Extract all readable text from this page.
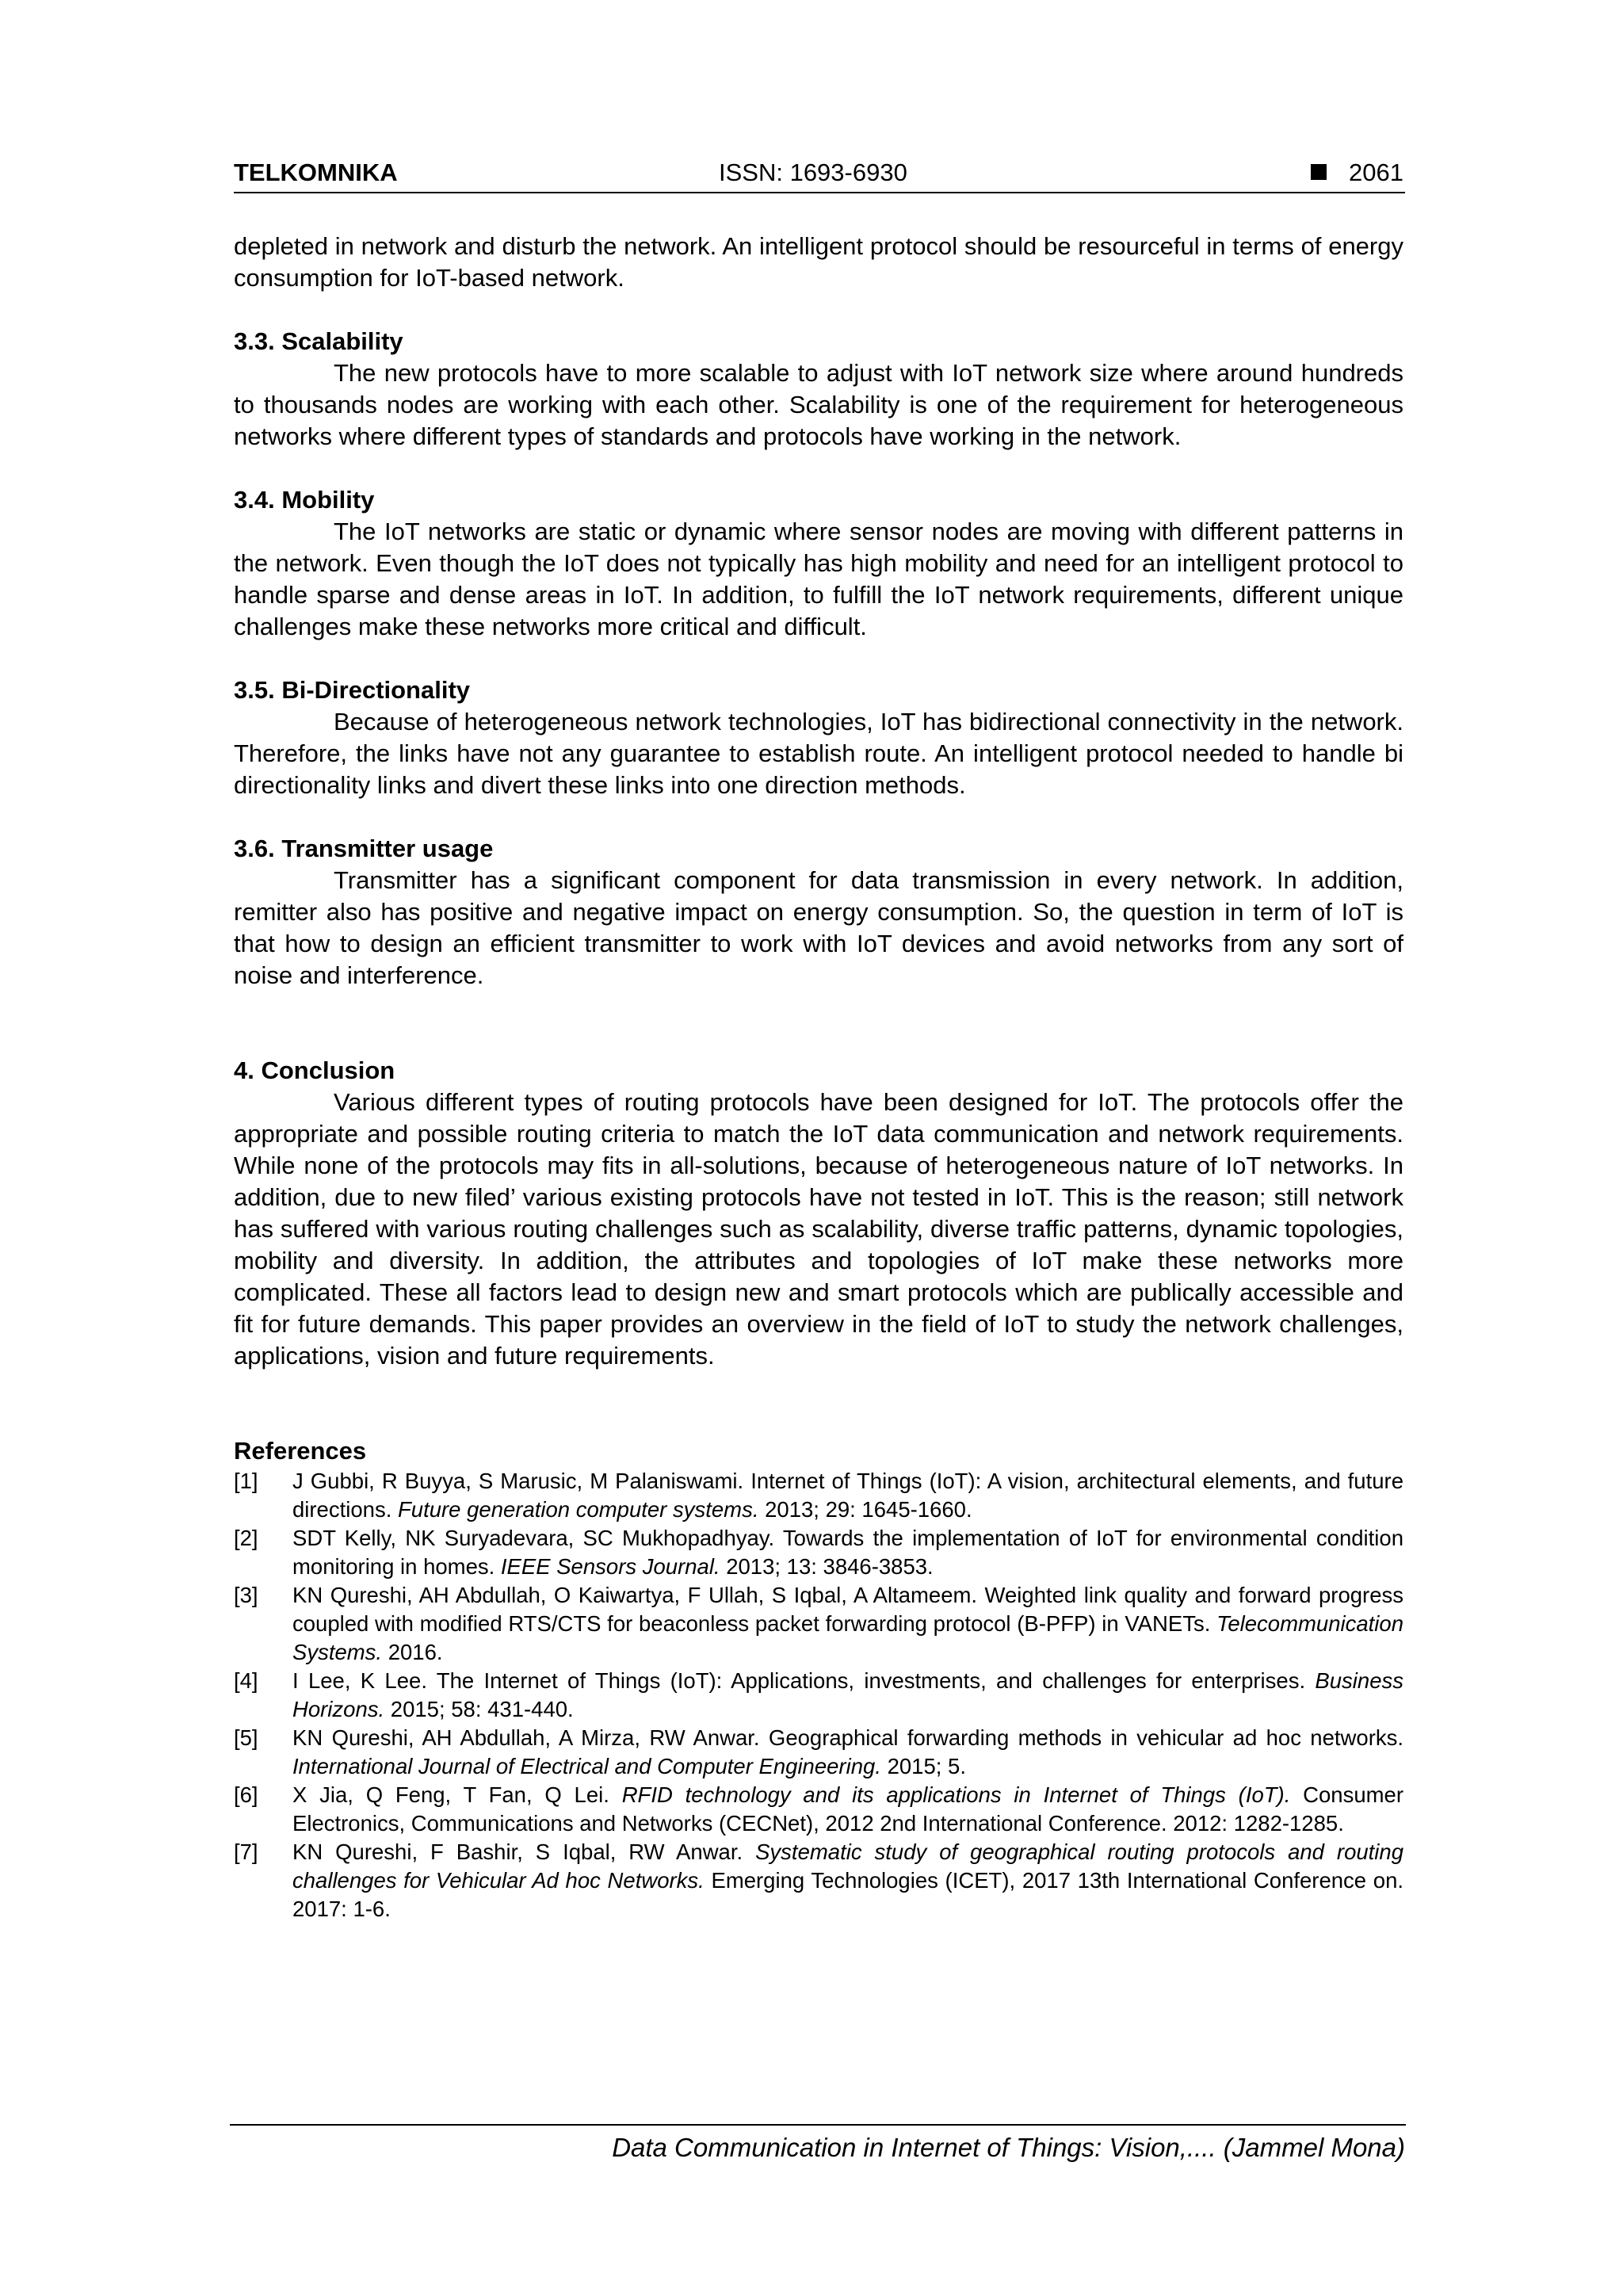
TELKOMNIKA	ISSN: 1693-6930	2061

depleted in network and disturb the network. An intelligent protocol should be resourceful in terms of energy consumption for IoT-based network.

3.3. Scalability

The new protocols have to more scalable to adjust with IoT network size where around hundreds to thousands nodes are working with each other. Scalability is one of the requirement for heterogeneous networks where different types of standards and protocols have working in the network.

3.4. Mobility

The IoT networks are static or dynamic where sensor nodes are moving with different patterns in the network. Even though the IoT does not typically has high mobility and need for an intelligent protocol to handle sparse and dense areas in IoT. In addition, to fulfill the IoT network requirements, different unique challenges make these networks more critical and difficult.

3.5. Bi-Directionality

Because of heterogeneous network technologies, IoT has bidirectional connectivity in the network. Therefore, the links have not any guarantee to establish route. An intelligent protocol needed to handle bi directionality links and divert these links into one direction methods.

3.6. Transmitter usage

Transmitter has a significant component for data transmission in every network. In addition, remitter also has positive and negative impact on energy consumption. So, the question in term of IoT is that how to design an efficient transmitter to work with IoT devices and avoid networks from any sort of noise and interference.

4. Conclusion

Various different types of routing protocols have been designed for IoT. The protocols offer the appropriate and possible routing criteria to match the IoT data communication and network requirements. While none of the protocols may fits in all-solutions, because of heterogeneous nature of IoT networks. In addition, due to new filed’ various existing protocols have not tested in IoT. This is the reason; still network has suffered with various routing challenges such as scalability, diverse traffic patterns, dynamic topologies, mobility and diversity. In addition, the attributes and topologies of IoT make these networks more complicated. These all factors lead to design new and smart protocols which are publically accessible and fit for future demands. This paper provides an overview in the field of IoT to study the network challenges, applications, vision and future requirements.

References
[1] J Gubbi, R Buyya, S Marusic, M Palaniswami. Internet of Things (IoT): A vision, architectural elements, and future directions. Future generation computer systems. 2013; 29: 1645-1660.
[2] SDT Kelly, NK Suryadevara, SC Mukhopadhyay. Towards the implementation of IoT for environmental condition monitoring in homes. IEEE Sensors Journal. 2013; 13: 3846-3853.
[3] KN Qureshi, AH Abdullah, O Kaiwartya, F Ullah, S Iqbal, A Altameem. Weighted link quality and forward progress coupled with modified RTS/CTS for beaconless packet forwarding protocol (B-PFP) in VANETs. Telecommunication Systems. 2016.
[4] I Lee, K Lee. The Internet of Things (IoT): Applications, investments, and challenges for enterprises. Business Horizons. 2015; 58: 431-440.
[5] KN Qureshi, AH Abdullah, A Mirza, RW Anwar. Geographical forwarding methods in vehicular ad hoc networks. International Journal of Electrical and Computer Engineering. 2015; 5.
[6] X Jia, Q Feng, T Fan, Q Lei. RFID technology and its applications in Internet of Things (IoT). Consumer Electronics, Communications and Networks (CECNet), 2012 2nd International Conference. 2012: 1282-1285.
[7] KN Qureshi, F Bashir, S Iqbal, RW Anwar. Systematic study of geographical routing protocols and routing challenges for Vehicular Ad hoc Networks. Emerging Technologies (ICET), 2017 13th International Conference on. 2017: 1-6.
Data Communication in Internet of Things: Vision,.... (Jammel Mona)
